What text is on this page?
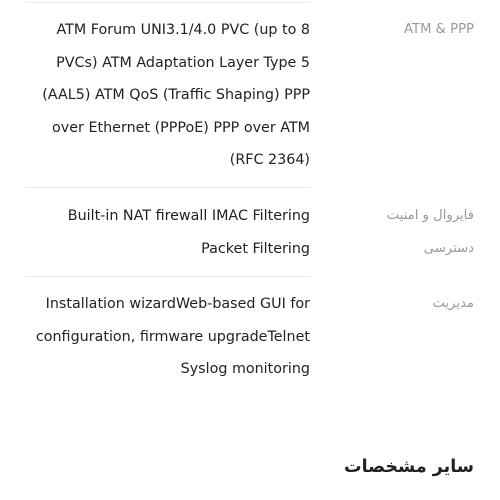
ATM Forum UNI3.1/4.0 PVC (up to 8
PVCs) ATM Adaptation Layer Type 5
(AAL5) ATM QoS (Traffic Shaping) PPP
over Ethernet (PPPoE) PPP over ATM
(RFC 2364)
ATM & PPP
Built-in NAT firewall IMAC Filtering
Packet Filtering
فایروال و امنیت
دسترسی
Installation wizardWeb-based GUI for
configuration, firmware upgradeTelnet
Syslog monitoring
مدیریت
سایر مشخصات
